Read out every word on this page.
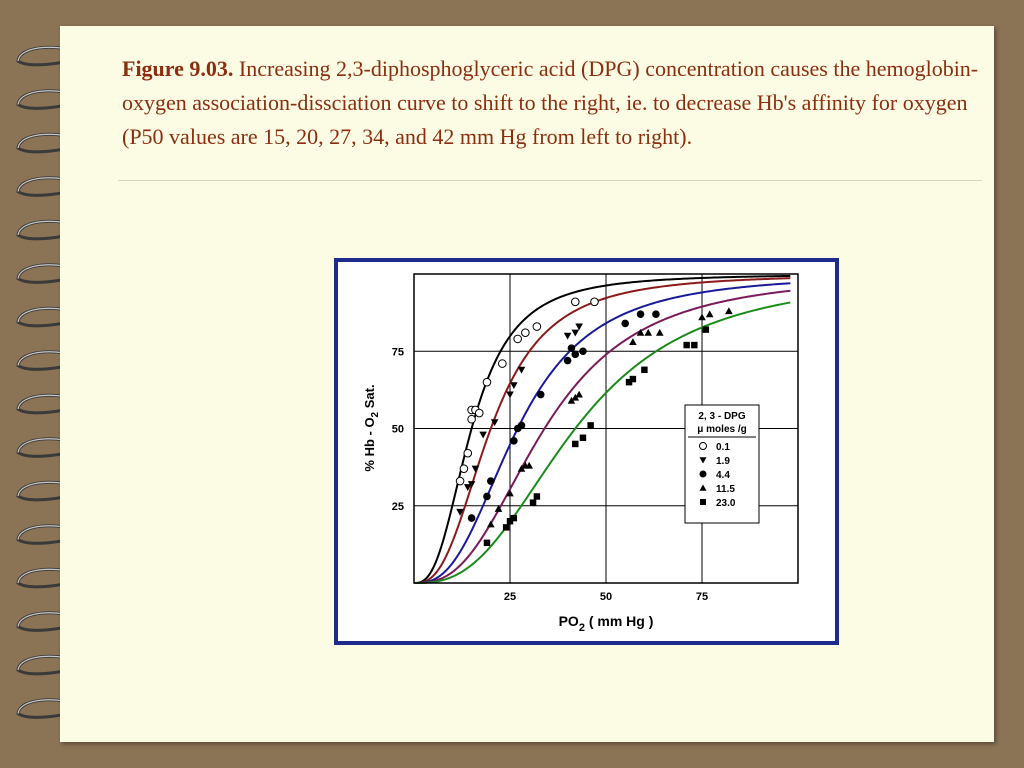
Figure 9.03. Increasing 2,3-diphosphoglyceric acid (DPG) concentration causes the hemoglobin-oxygen association-dissciation curve to shift to the right, ie. to decrease Hb's affinity for oxygen (P50 values are 15, 20, 27, 34, and 42 mm Hg from left to right).
25
50
75
25	50	75
% Hb - $O_2$ Sat.
$PO_2$ ( mm Hg )
2, 3 - DPG
μ moles /g
0.1
1.9
4.4
11.5
23.0
